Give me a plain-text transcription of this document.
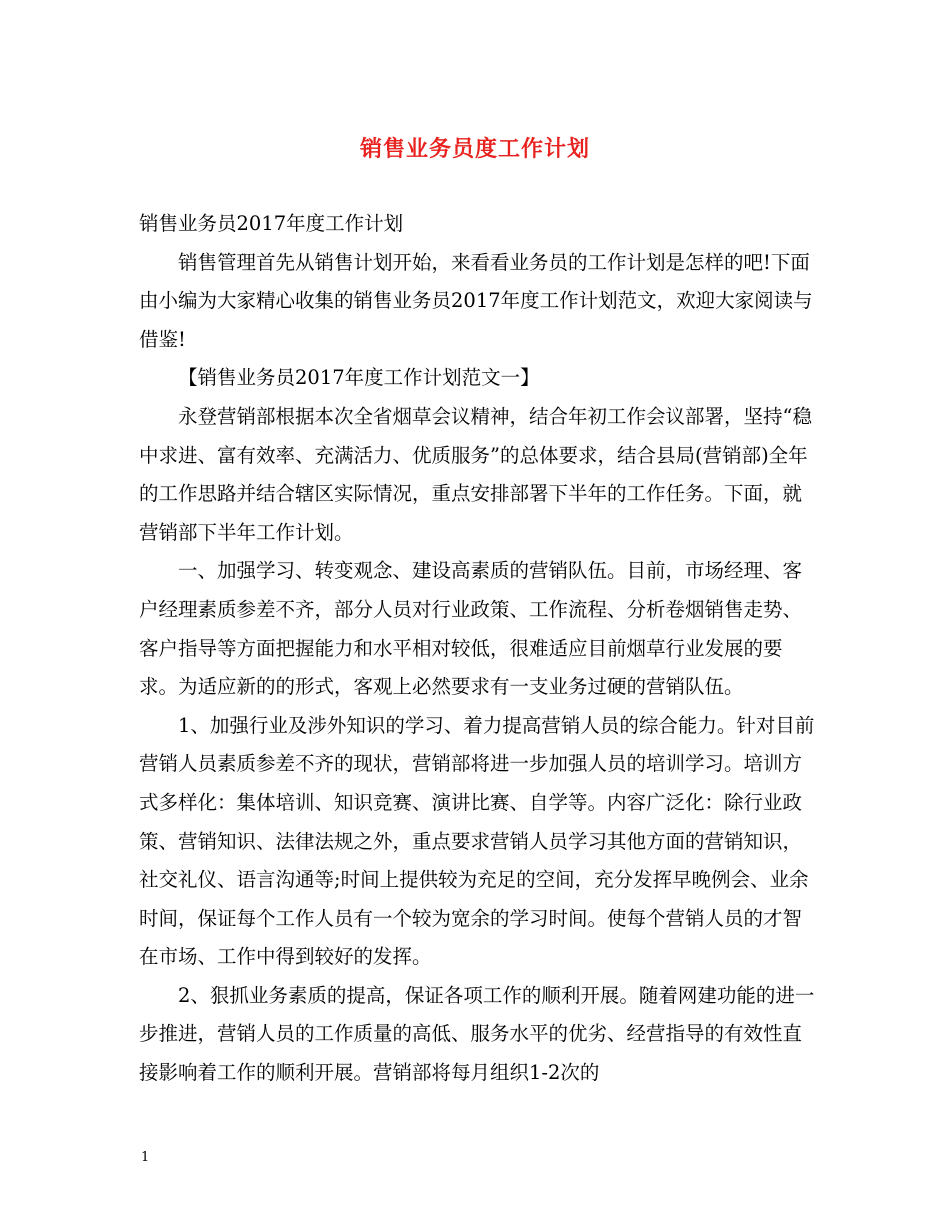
销售业务员度工作计划

销售业务员2017年度工作计划

销售管理首先从销售计划开始，来看看业务员的工作计划是怎样的吧!下面由小编为大家精心收集的销售业务员2017年度工作计划范文，欢迎大家阅读与借鉴!

【销售业务员2017年度工作计划范文一】

永登营销部根据本次全省烟草会议精神，结合年初工作会议部署，坚持“稳中求进、富有效率、充满活力、优质服务”的总体要求，结合县局(营销部)全年的工作思路并结合辖区实际情况，重点安排部署下半年的工作任务。下面，就营销部下半年工作计划。

一、加强学习、转变观念、建设高素质的营销队伍。目前，市场经理、客户经理素质参差不齐，部分人员对行业政策、工作流程、分析卷烟销售走势、客户指导等方面把握能力和水平相对较低，很难适应目前烟草行业发展的要求。为适应新的的形式，客观上必然要求有一支业务过硬的营销队伍。

1、加强行业及涉外知识的学习、着力提高营销人员的综合能力。针对目前营销人员素质参差不齐的现状，营销部将进一步加强人员的培训学习。培训方式多样化：集体培训、知识竞赛、演讲比赛、自学等。内容广泛化：除行业政策、营销知识、法律法规之外，重点要求营销人员学习其他方面的营销知识，社交礼仪、语言沟通等;时间上提供较为充足的空间，充分发挥早晚例会、业余时间，保证每个工作人员有一个较为宽余的学习时间。使每个营销人员的才智在市场、工作中得到较好的发挥。

2、狠抓业务素质的提高，保证各项工作的顺利开展。随着网建功能的进一步推进，营销人员的工作质量的高低、服务水平的优劣、经营指导的有效性直接影响着工作的顺利开展。营销部将每月组织1-2次的

1
